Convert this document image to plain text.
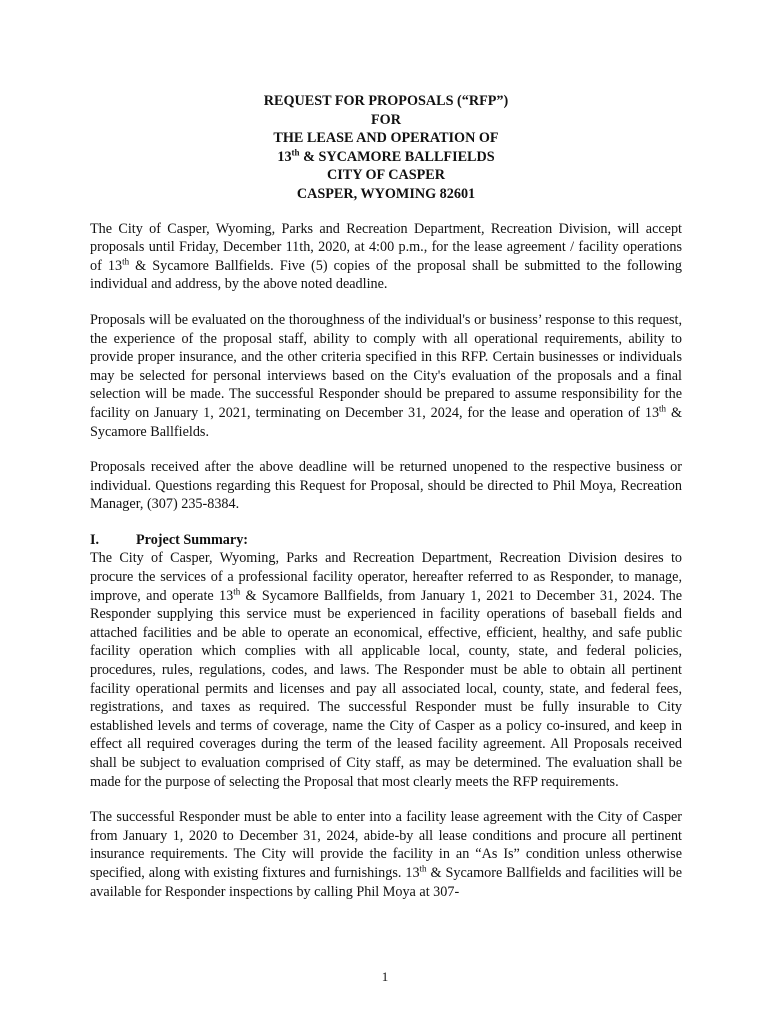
REQUEST FOR PROPOSALS (“RFP”)
FOR
THE LEASE AND OPERATION OF
13th & SYCAMORE BALLFIELDS
CITY OF CASPER
CASPER, WYOMING 82601

The City of Casper, Wyoming, Parks and Recreation Department, Recreation Division, will accept proposals until Friday, December 11th, 2020, at 4:00 p.m., for the lease agreement / facility operations of 13th & Sycamore Ballfields. Five (5) copies of the proposal shall be submitted to the following individual and address, by the above noted deadline.

Proposals will be evaluated on the thoroughness of the individual's or business’ response to this request, the experience of the proposal staff, ability to comply with all operational requirements, ability to provide proper insurance, and the other criteria specified in this RFP. Certain businesses or individuals may be selected for personal interviews based on the City's evaluation of the proposals and a final selection will be made. The successful Responder should be prepared to assume responsibility for the facility on January 1, 2021, terminating on December 31, 2024, for the lease and operation of 13th & Sycamore Ballfields.

Proposals received after the above deadline will be returned unopened to the respective business or individual. Questions regarding this Request for Proposal, should be directed to Phil Moya, Recreation Manager, (307) 235-8384.

I.	Project Summary:

The City of Casper, Wyoming, Parks and Recreation Department, Recreation Division desires to procure the services of a professional facility operator, hereafter referred to as Responder, to manage, improve, and operate 13th & Sycamore Ballfields, from January 1, 2021 to December 31, 2024. The Responder supplying this service must be experienced in facility operations of baseball fields and attached facilities and be able to operate an economical, effective, efficient, healthy, and safe public facility operation which complies with all applicable local, county, state, and federal policies, procedures, rules, regulations, codes, and laws. The Responder must be able to obtain all pertinent facility operational permits and licenses and pay all associated local, county, state, and federal fees, registrations, and taxes as required. The successful Responder must be fully insurable to City established levels and terms of coverage, name the City of Casper as a policy co-insured, and keep in effect all required coverages during the term of the leased facility agreement. All Proposals received shall be subject to evaluation comprised of City staff, as may be determined. The evaluation shall be made for the purpose of selecting the Proposal that most clearly meets the RFP requirements.

The successful Responder must be able to enter into a facility lease agreement with the City of Casper from January 1, 2020 to December 31, 2024, abide-by all lease conditions and procure all pertinent insurance requirements. The City will provide the facility in an “As Is” condition unless otherwise specified, along with existing fixtures and furnishings. 13th & Sycamore Ballfields and facilities will be available for Responder inspections by calling Phil Moya at 307-

1
